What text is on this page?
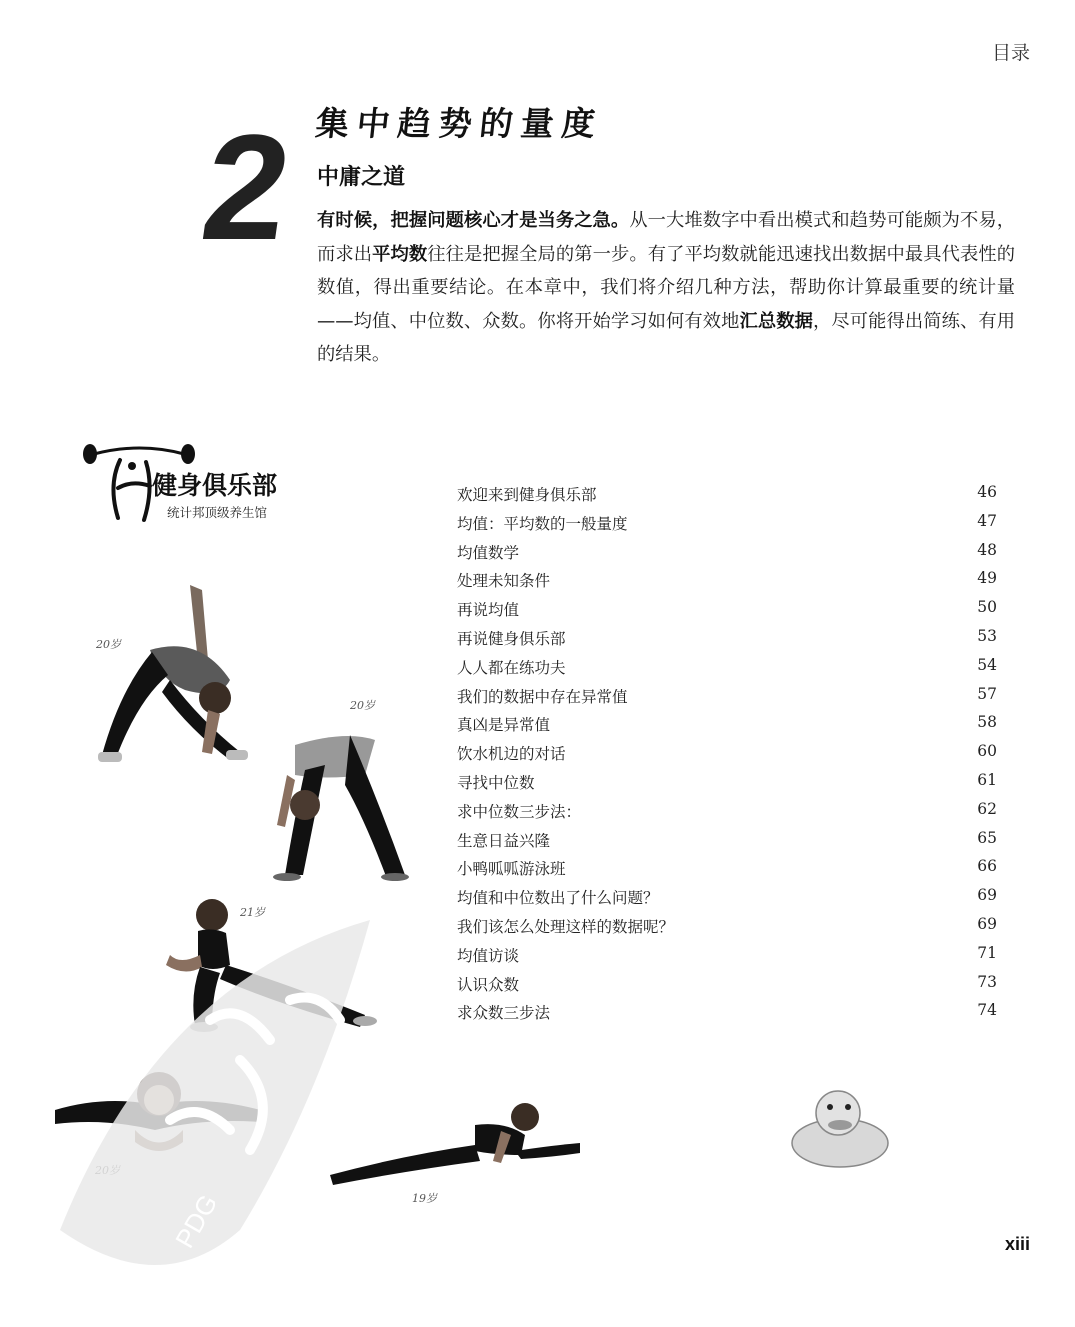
目录
2 集中趋势的量度
中庸之道
有时候，把握问题核心才是当务之急。从一大堆数字中看出模式和趋势可能颇为不易，而求出平均数往往是把握全局的第一步。有了平均数就能迅速找出数据中最具代表性的数值，得出重要结论。在本章中，我们将介绍几种方法，帮助你计算最重要的统计量——均值、中位数、众数。你将开始学习如何有效地汇总数据，尽可能得出简练、有用的结果。
健身俱乐部
统计邦顶级养生馆
20岁
20岁
21岁
19岁
PDG
欢迎来到健身俱乐部	46
均值：平均数的一般量度	47
均值数学	48
处理未知条件	49
再说均值	50
再说健身俱乐部	53
人人都在练功夫	54
我们的数据中存在异常值	57
真凶是异常值	58
饮水机边的对话	60
寻找中位数	61
求中位数三步法：	62
生意日益兴隆	65
小鸭呱呱游泳班	66
均值和中位数出了什么问题？	69
我们该怎么处理这样的数据呢？	69
均值访谈	71
认识众数	73
求众数三步法	74
xiii
